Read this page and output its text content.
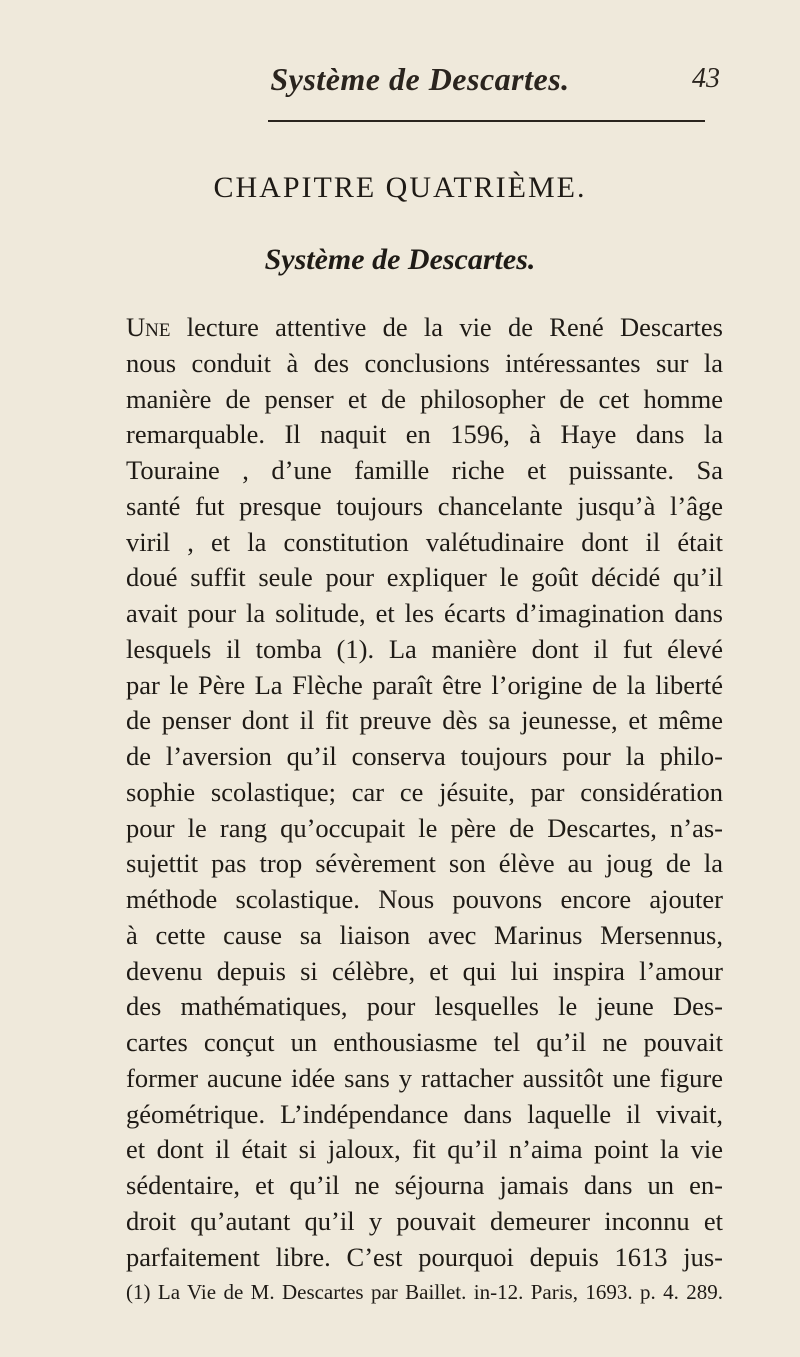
Système de Descartes.	43
CHAPITRE QUATRIÈME.
Système de Descartes.
Une lecture attentive de la vie de René Descartes
nous conduit à des conclusions intéressantes sur la
manière de penser et de philosopher de cet homme
remarquable. Il naquit en 1596, à Haye dans la
Touraine , d’une famille riche et puissante. Sa
santé fut presque toujours chancelante jusqu’à l’âge
viril , et la constitution valétudinaire dont il était
doué suffit seule pour expliquer le goût décidé qu’il
avait pour la solitude, et les écarts d’imagination dans
lesquels il tomba (1). La manière dont il fut élevé
par le Père La Flèche paraît être l’origine de la liberté
de penser dont il fit preuve dès sa jeunesse, et même
de l’aversion qu’il conserva toujours pour la philo-
sophie scolastique; car ce jésuite, par considération
pour le rang qu’occupait le père de Descartes, n’as-
sujettit pas trop sévèrement son élève au joug de la
méthode scolastique. Nous pouvons encore ajouter
à cette cause sa liaison avec Marinus Mersennus,
devenu depuis si célèbre, et qui lui inspira l’amour
des mathématiques, pour lesquelles le jeune Des-
cartes conçut un enthousiasme tel qu’il ne pouvait
former aucune idée sans y rattacher aussitôt une figure
géométrique. L’indépendance dans laquelle il vivait,
et dont il était si jaloux, fit qu’il n’aima point la vie
sédentaire, et qu’il ne séjourna jamais dans un en-
droit qu’autant qu’il y pouvait demeurer inconnu et
parfaitement libre. C’est pourquoi depuis 1613 jus-
(1) La Vie de M. Descartes par Baillet. in-12. Paris, 1693. p. 4. 289.
